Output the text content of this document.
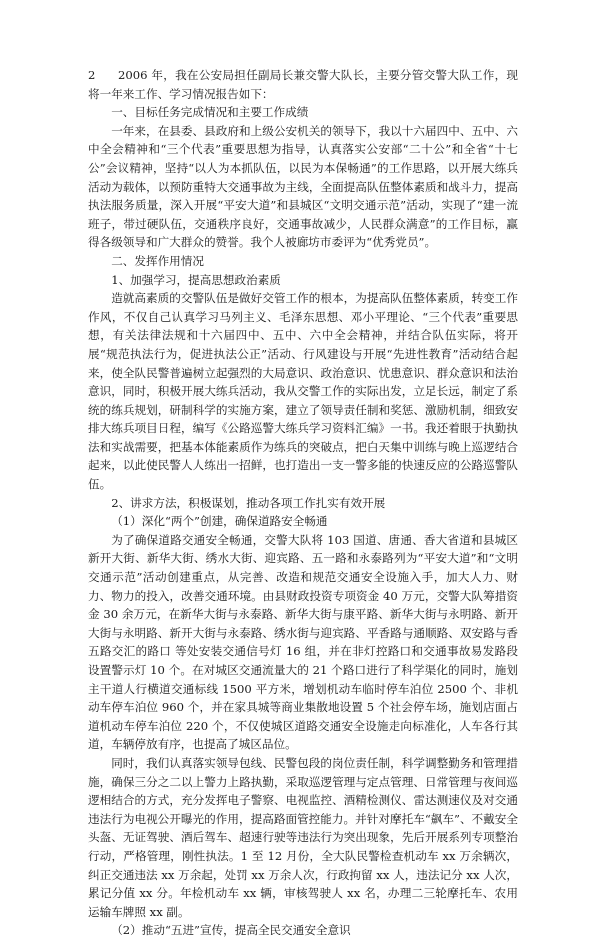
2 2006 年，我在公安局担任副局长兼交警大队长，主要分管交警大队工作，现将一年来工作、学习情况报告如下：

一、目标任务完成情况和主要工作成绩

一年来，在县委、县政府和上级公安机关的领导下，我以十六届四中、五中、六中全会精神和“三个代表”重要思想为指导，认真落实公安部“二十公”和全省“十七公”会议精神，坚持“以人为本抓队伍，以民为本保畅通”的工作思路，以开展大练兵活动为载体，以预防重特大交通事故为主线，全面提高队伍整体素质和战斗力，提高执法服务质量，深入开展“平安大道”和县城区“文明交通示范”活动，实现了“建一流班子，带过硬队伍，交通秩序良好，交通事故减少，人民群众满意”的工作目标，赢得各级领导和广大群众的赞誉。我个人被廊坊市委评为“优秀党员”。

二、发挥作用情况

1、加强学习，提高思想政治素质

造就高素质的交警队伍是做好交管工作的根本，为提高队伍整体素质，转变工作作风，不仅自己认真学习马列主义、毛泽东思想、邓小平理论、“三个代表”重要思想，有关法律法规和十六届四中、五中、六中全会精神，并结合队伍实际，将开展“规范执法行为，促进执法公正”活动、行风建设与开展“先进性教育”活动结合起来，使全队民警普遍树立起强烈的大局意识、政治意识、忧患意识、群众意识和法治意识，同时，积极开展大练兵活动，我从交警工作的实际出发，立足长远，制定了系统的练兵规划，研制科学的实施方案，建立了领导责任制和奖惩、激励机制，细致安排大练兵项目日程，编写《公路巡警大练兵学习资料汇编》一书。我还着眼于执勤执法和实战需要，把基本体能素质作为练兵的突破点，把白天集中训练与晚上巡逻结合起来，以此使民警人人练出一招鲜，也打造出一支一警多能的快速反应的公路巡警队伍。

2、讲求方法，积极谋划，推动各项工作扎实有效开展

（1）深化“两个”创建，确保道路安全畅通

为了确保道路交通安全畅通，交警大队将 103 国道、唐通、香大省道和县城区新开大街、新华大街、绣水大街、迎宾路、五一路和永泰路列为“平安大道”和“文明交通示范”活动创建重点，从完善、改造和规范交通安全设施入手，加大人力、财力、物力的投入，改善交通环境。由县财政投资专项资金 40 万元，交警大队筹措资金 30 余万元，在新华大街与永泰路、新华大街与康平路、新华大街与永明路、新开大街与永明路、新开大街与永泰路、绣水街与迎宾路、平香路与通顺路、双安路与香五路交汇的路口 等处安装交通信号灯 16 组，并在非灯控路口和交通事故易发路段设置警示灯 10 个。在对城区交通流量大的 21 个路口进行了科学渠化的同时，施划主干道人行横道交通标线 1500 平方米，增划机动车临时停车泊位 2500 个、非机动车停车泊位 960 个，并在家具城等商业集散地设置 5 个社会停车场，施划店面占道机动车停车泊位 220 个，不仅使城区道路交通安全设施走向标准化，人车各行其道，车辆停放有序，也提高了城区品位。

同时，我们认真落实领导包线、民警包段的岗位责任制，科学调整勤务和管理措施，确保三分之二以上警力上路执勤，采取巡逻管理与定点管理、日常管理与夜间巡逻相结合的方式，充分发挥电子警察、电视监控、酒精检测仪、雷达测速仪及对交通违法行为电视公开曝光的作用，提高路面管控能力。并针对摩托车“飙车”、不戴安全头盔、无证驾驶、酒后驾车、超速行驶等违法行为突出现象，先后开展系列专项整治行动，严格管理，刚性执法。1 至 12 月份，全大队民警检查机动车 xx 万余辆次，纠正交通违法 xx 万余起，处罚 xx 万余人次，行政拘留 xx 人，违法记分 xx 人次，累记分值 xx 分。年检机动车 xx 辆，审核驾驶人 xx 名，办理二三轮摩托车、农用运输车牌照 xx 副。

（2）推动“五进”宣传，提高全民交通安全意识
